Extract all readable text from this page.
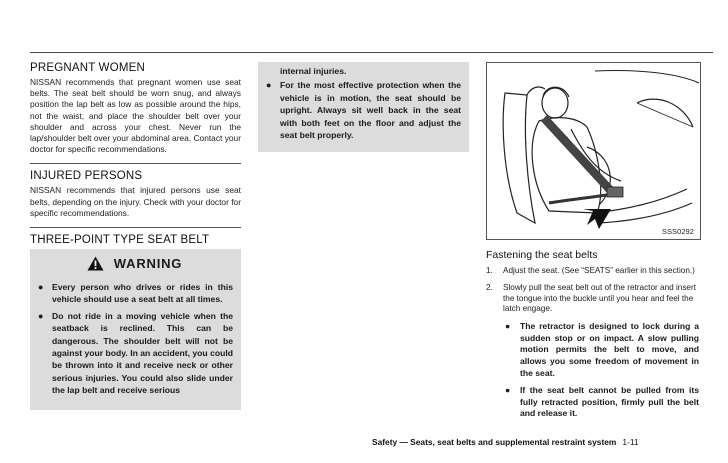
PREGNANT WOMEN

NISSAN recommends that pregnant women use seat belts. The seat belt should be worn snug, and always position the lap belt as low as possible around the hips, not the waist, and place the shoulder belt over your shoulder and across your chest. Never run the lap/shoulder belt over your abdominal area. Contact your doctor for specific recommendations.

INJURED PERSONS

NISSAN recommends that injured persons use seat belts, depending on the injury. Check with your doctor for specific recommendations.

THREE-POINT TYPE SEAT BELT
WARNING
● Every person who drives or rides in this vehicle should use a seat belt at all times.
● Do not ride in a moving vehicle when the seatback is reclined. This can be dangerous. The shoulder belt will not be against your body. In an accident, you could be thrown into it and receive neck or other serious injuries. You could also slide under the lap belt and receive serious
internal injuries.
● For the most effective protection when the vehicle is in motion, the seat should be upright. Always sit well back in the seat with both feet on the floor and adjust the seat belt properly.
SSS0292
Fastening the seat belts
1. Adjust the seat. (See “SEATS” earlier in this section.)
2. Slowly pull the seat belt out of the retractor and insert the tongue into the buckle until you hear and feel the latch engage.
● The retractor is designed to lock during a sudden stop or on impact. A slow pulling motion permits the belt to move, and allows you some freedom of movement in the seat.
● If the seat belt cannot be pulled from its fully retracted position, firmly pull the belt and release it.
Safety — Seats, seat belts and supplemental restraint system 1-11
